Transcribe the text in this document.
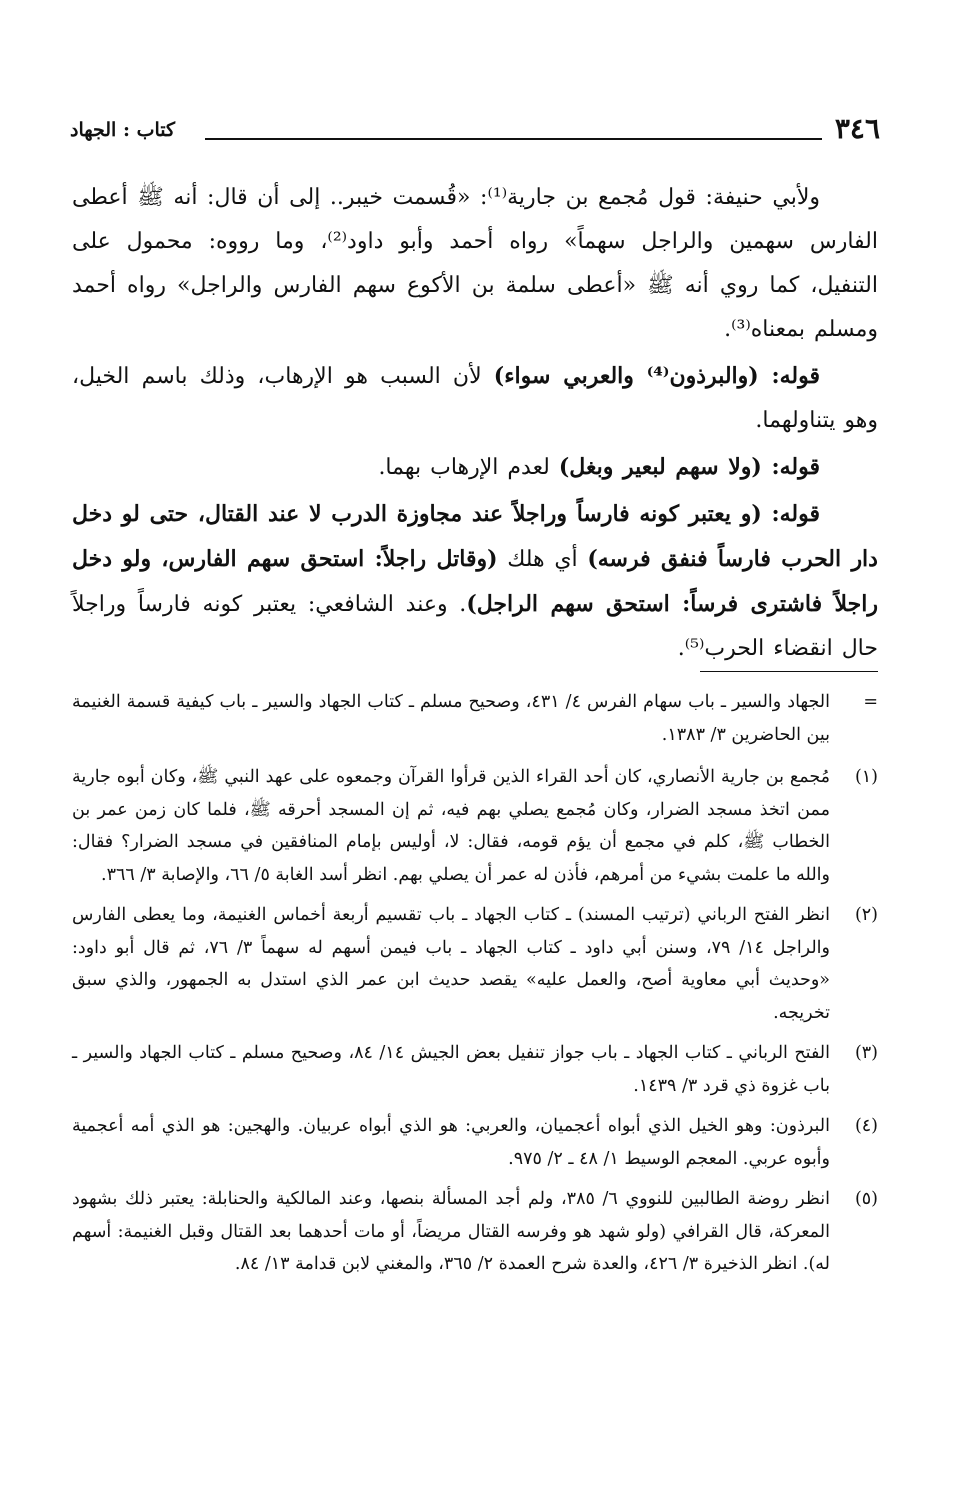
٣٤٦
كتاب : الجهاد

ولأبي حنيفة: قول مُجمع بن جارية⁽¹⁾: «قُسمت خيبر.. إلى أن قال: أنه ﷺ أعطى الفارس سهمين والراجل سهماً» رواه أحمد وأبو داود⁽²⁾، وما رووه: محمول على التنفيل، كما روي أنه ﷺ «أعطى سلمة بن الأكوع سهم الفارس والراجل» رواه أحمد ومسلم بمعناه⁽³⁾.

قوله: (والبرذون⁽⁴⁾ والعربي سواء) لأن السبب هو الإرهاب، وذلك باسم الخيل، وهو يتناولهما.

قوله: (ولا سهم لبعير وبغل) لعدم الإرهاب بهما.

قوله: (و يعتبر كونه فارساً وراجلاً عند مجاوزة الدرب لا عند القتال، حتى لو دخل دار الحرب فارساً فنفق فرسه) أي هلك (وقاتل راجلاً: استحق سهم الفارس، ولو دخل راجلاً فاشترى فرساً: استحق سهم الراجل). وعند الشافعي: يعتبر كونه فارساً وراجلاً حال انقضاء الحرب⁽⁵⁾.

=
الجهاد والسير ـ باب سهام الفرس ٤/ ٤٣١، وصحيح مسلم ـ كتاب الجهاد والسير ـ باب كيفية قسمة الغنيمة بين الحاضرين ٣/ ١٣٨٣.

(١)
مُجمع بن جارية الأنصاري، كان أحد القراء الذين قرأوا القرآن وجمعوه على عهد النبي ﷺ، وكان أبوه جارية ممن اتخذ مسجد الضرار، وكان مُجمع يصلي بهم فيه، ثم إن المسجد أحرقه ﷺ، فلما كان زمن عمر بن الخطاب ﷺ، كلم في مجمع أن يؤم قومه، فقال: لا، أوليس بإمام المنافقين في مسجد الضرار؟ فقال: والله ما علمت بشيء من أمرهم، فأذن له عمر أن يصلي بهم. انظر أسد الغابة ٥/ ٦٦، والإصابة ٣/ ٣٦٦.

(٢)
انظر الفتح الرباني (ترتيب المسند) ـ كتاب الجهاد ـ باب تقسيم أربعة أخماس الغنيمة، وما يعطى الفارس والراجل ١٤/ ٧٩، وسنن أبي داود ـ كتاب الجهاد ـ باب فيمن أسهم له سهماً ٣/ ٧٦، ثم قال أبو داود: «وحديث أبي معاوية أصح، والعمل عليه» يقصد حديث ابن عمر الذي استدل به الجمهور، والذي سبق تخريجه.

(٣)
الفتح الرباني ـ كتاب الجهاد ـ باب جواز تنفيل بعض الجيش ١٤/ ٨٤، وصحيح مسلم ـ كتاب الجهاد والسير ـ باب غزوة ذي قرد ٣/ ١٤٣٩.

(٤)
البرذون: وهو الخيل الذي أبواه أعجميان، والعربي: هو الذي أبواه عربيان. والهجين: هو الذي أمه أعجمية وأبوه عربي. المعجم الوسيط ١/ ٤٨ ـ ٢/ ٩٧٥.

(٥)
انظر روضة الطالبين للنووي ٦/ ٣٨٥، ولم أجد المسألة بنصها، وعند المالكية والحنابلة: يعتبر ذلك بشهود المعركة، قال القرافي (ولو شهد هو وفرسه القتال مريضاً، أو مات أحدهما بعد القتال وقبل الغنيمة: أسهم له). انظر الذخيرة ٣/ ٤٢٦، والعدة شرح العمدة ٢/ ٣٦٥، والمغني لابن قدامة ١٣/ ٨٤.
